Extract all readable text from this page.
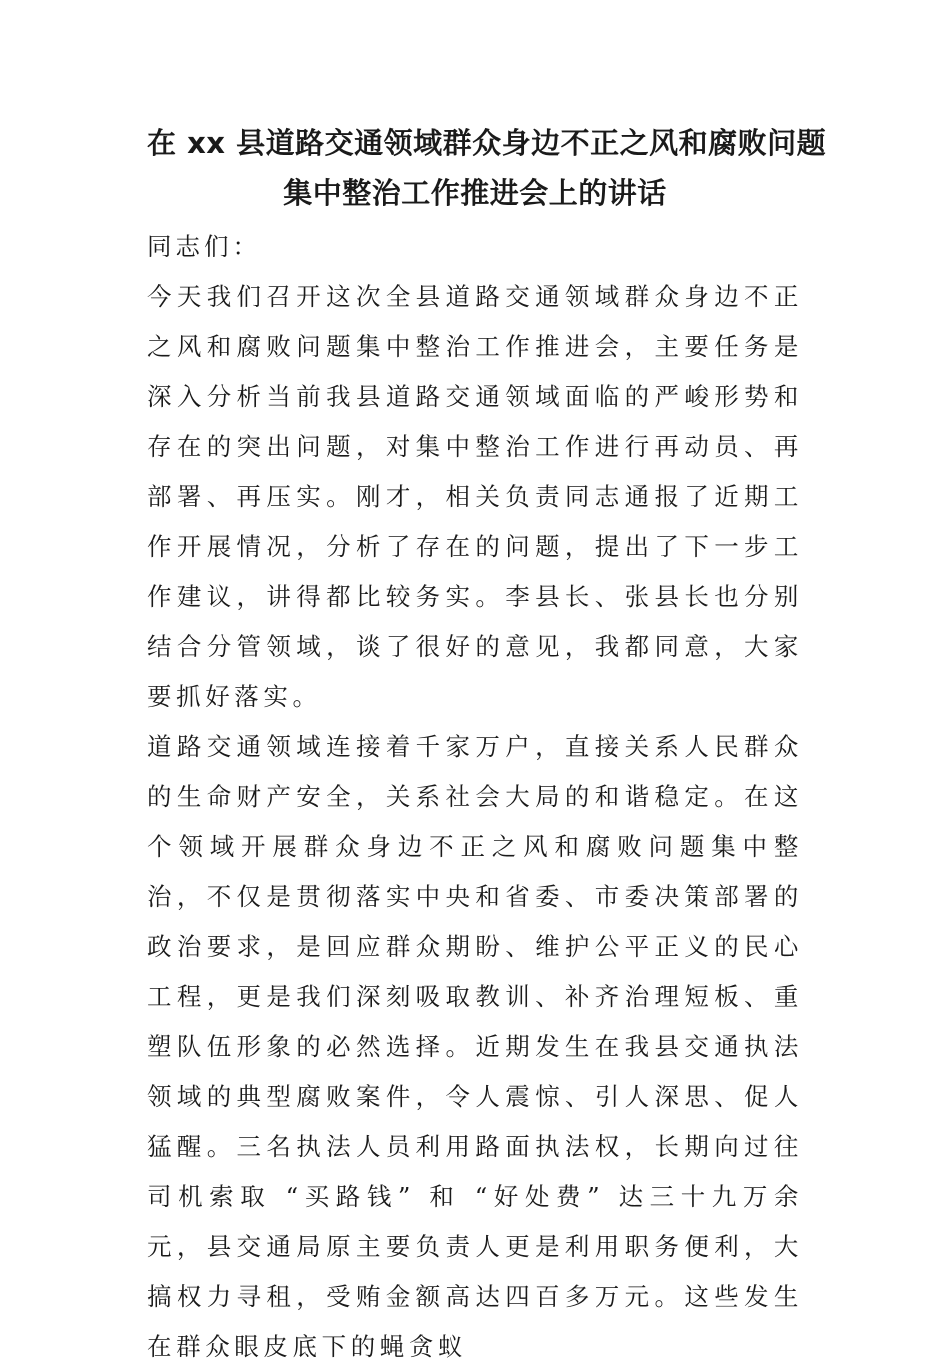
在 xx 县道路交通领域群众身边不正之风和腐败问题
集中整治工作推进会上的讲话

同志们：

今天我们召开这次全县道路交通领域群众身边不正之风和腐败问题集中整治工作推进会，主要任务是深入分析当前我县道路交通领域面临的严峻形势和存在的突出问题，对集中整治工作进行再动员、再部署、再压实。刚才，相关负责同志通报了近期工作开展情况，分析了存在的问题，提出了下一步工作建议，讲得都比较务实。李县长、张县长也分别结合分管领域，谈了很好的意见，我都同意，大家要抓好落实。

道路交通领域连接着千家万户，直接关系人民群众的生命财产安全，关系社会大局的和谐稳定。在这个领域开展群众身边不正之风和腐败问题集中整治，不仅是贯彻落实中央和省委、市委决策部署的政治要求，是回应群众期盼、维护公平正义的民心工程，更是我们深刻吸取教训、补齐治理短板、重塑队伍形象的必然选择。近期发生在我县交通执法领域的典型腐败案件，令人震惊、引人深思、促人猛醒。三名执法人员利用路面执法权，长期向过往司机索取 “买路钱” 和 “好处费” 达三十九万余元，县交通局原主要负责人更是利用职务便利，大搞权力寻租，受贿金额高达四百多万元。这些发生在群众眼皮底下的蝇贪蚁
